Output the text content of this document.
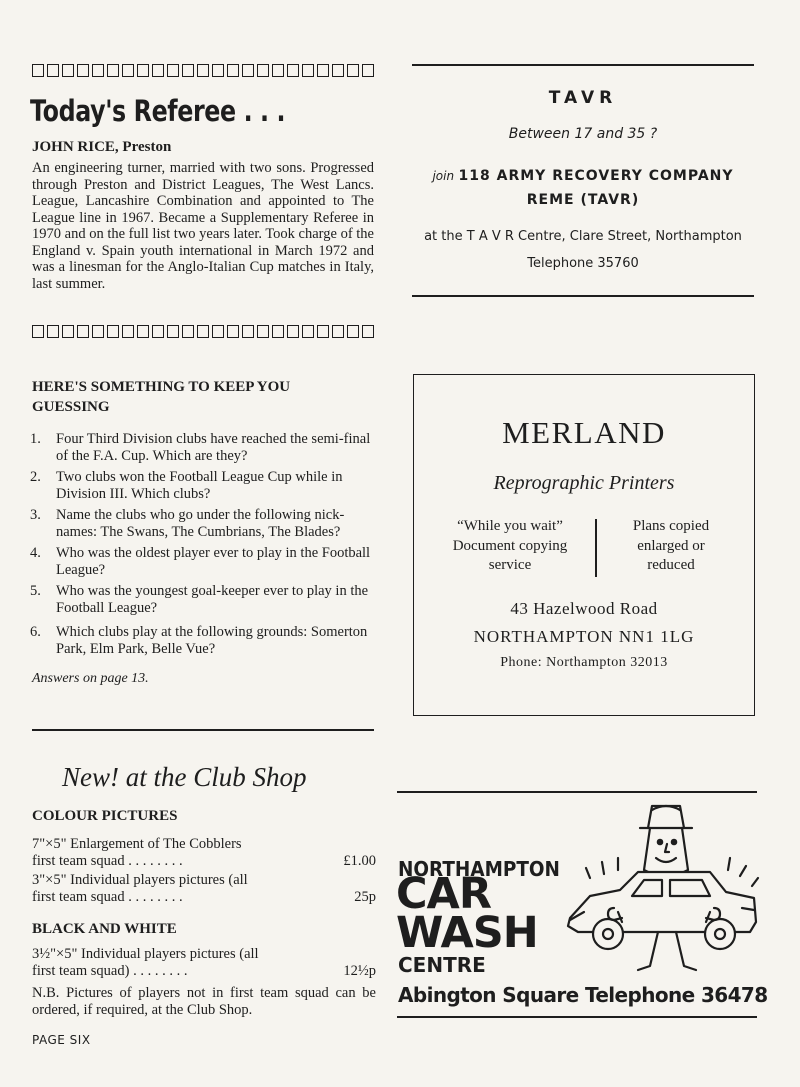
Today's Referee . . .
JOHN RICE, Preston
An engineering turner, married with two sons. Progressed through Preston and District Leagues, The West Lancs. League, Lancashire Combination and appointed to The League line in 1967. Became a Supplementary Referee in 1970 and on the full list two years later. Took charge of the England v. Spain youth international in March 1972 and was a linesman for the Anglo-Italian Cup matches in Italy, last summer.
HERE'S SOMETHING TO KEEP YOU GUESSING
1. Four Third Division clubs have reached the semi-final of the F.A. Cup. Which are they?
2. Two clubs won the Football League Cup while in Division III. Which clubs?
3. Name the clubs who go under the following nick-names: The Swans, The Cumbrians, The Blades?
4. Who was the oldest player ever to play in the Football League?
5. Who was the youngest goal-keeper ever to play in the Football League?
6. Which clubs play at the following grounds: Somerton Park, Elm Park, Belle Vue?
Answers on page 13.
New! at the Club Shop
COLOUR PICTURES
7"×5" Enlargement of The Cobblers
first team squad . . . . . . . .	£1.00
3"×5" Individual players pictures (all
first team squad . . . . . . . .	25p
BLACK AND WHITE
3½"×5" Individual players pictures (all
first team squad) . . . . . . . .	12½p
N.B. Pictures of players not in first team squad can be ordered, if required, at the Club Shop.
PAGE SIX
TAVR
Between 17 and 35 ?
join 118 ARMY RECOVERY COMPANY
REME (TAVR)
at the T A V R Centre, Clare Street, Northampton
Telephone 35760
MERLAND
Reprographic Printers
“While you wait”
Document copying
service
Plans copied
enlarged or
reduced
43 Hazelwood Road
NORTHAMPTON NN1 1LG
Phone: Northampton 32013
NORTHAMPTON
CAR
WASH
CENTRE
Abington Square Telephone 36478
